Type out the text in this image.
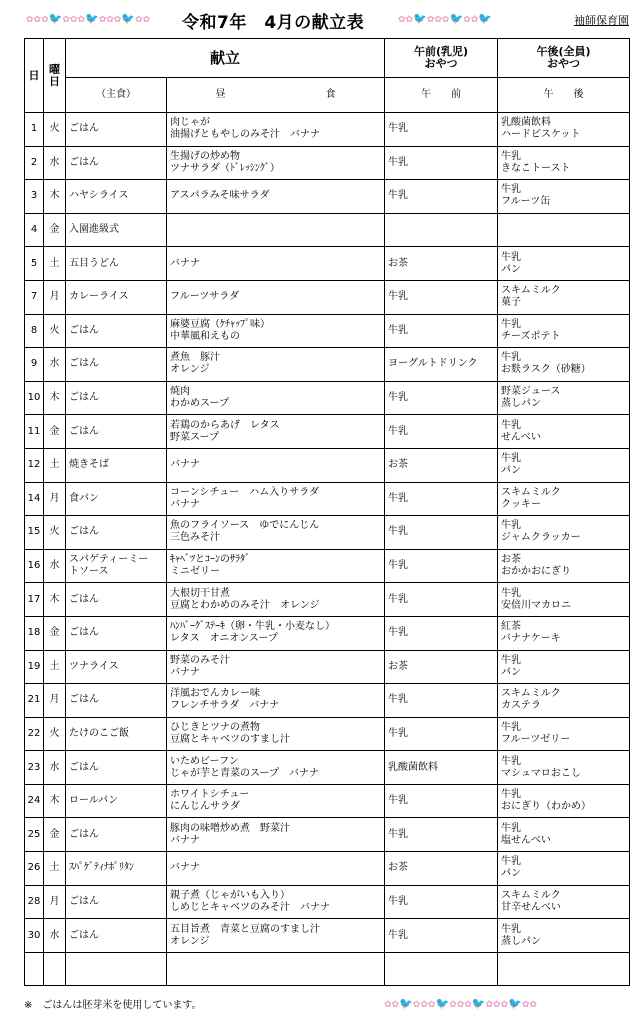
✿✿✿🐦✿✿✿🐦✿✿✿🐦✿✿ 令和7年　4月の献立表	✿✿🐦✿✿✿🐦✿✿🐦	袖師保育園
日	曜日	献立		午前(乳児)
おやつ	午後(全員)
おやつ
		（主食）	昼　　　　　　　　　　食	午　　前	午　　後
1	火	ごはん	肉じゃが
油揚げともやしのみそ汁　バナナ	牛乳	乳酸菌飲料
ハードビスケット
2	水	ごはん	生揚げの炒め物
ツナサラダ（ﾄﾞﾚｯｼﾝｸﾞ）	牛乳	牛乳
きなこトースト
3	木	ハヤシライス	アスパラみそ味サラダ	牛乳	牛乳
フルーツ缶
4	金	入園進級式			
5	土	五目うどん	バナナ	お茶	牛乳
パン
7	月	カレーライス	フルーツサラダ	牛乳	スキムミルク
菓子
8	火	ごはん	麻婆豆腐（ｹﾁｬｯﾌﾟ味）
中華風和えもの	牛乳	牛乳
チーズポテト
9	水	ごはん	煮魚　豚汁
オレンジ	ヨーグルトドリンク	牛乳
お麩ラスク（砂糖）
10	木	ごはん	焼肉
わかめスープ	牛乳	野菜ジュース
蒸しパン
11	金	ごはん	若鶏のからあげ　レタス
野菜スープ	牛乳	牛乳
せんべい
12	土	焼きそば	バナナ	お茶	牛乳
パン
14	月	食パン	コーンシチュー　ハム入りサラダ
バナナ	牛乳	スキムミルク
クッキー
15	火	ごはん	魚のフライソース　ゆでにんじん
三色みそ汁	牛乳	牛乳
ジャムクラッカー
16	水	スパゲティーミー
トソース	ｷｬﾍﾞﾂとｺｰﾝのｻﾗﾀﾞ
ミニゼリー	牛乳	お茶
おかかおにぎり
17	木	ごはん	大根切干甘煮
豆腐とわかめのみそ汁　オレンジ	牛乳	牛乳
安倍川マカロニ
18	金	ごはん	ﾊﾝﾊﾞｰｸﾞｽﾃｰｷ（卵・牛乳・小麦なし）
レタス　オニオンスープ	牛乳	紅茶
バナナケーキ
19	土	ツナライス	野菜のみそ汁
バナナ	お茶	牛乳
パン
21	月	ごはん	洋風おでんカレー味
フレンチサラダ　バナナ	牛乳	スキムミルク
カステラ
22	火	たけのこご飯	ひじきとツナの煮物
豆腐とキャベツのすまし汁	牛乳	牛乳
フルーツゼリー
23	水	ごはん	いためビーフン
じゃが芋と青菜のスープ　バナナ	乳酸菌飲料	牛乳
マシュマロおこし
24	木	ロールパン	ホワイトシチュー
にんじんサラダ	牛乳	牛乳
おにぎり（わかめ）
25	金	ごはん	豚肉の味噌炒め煮　野菜汁
バナナ	牛乳	牛乳
塩せんべい
26	土	ｽﾊﾟｹﾞﾃｨﾅﾎﾟﾘﾀﾝ	バナナ	お茶	牛乳
パン
28	月	ごはん	親子煮（じゃがいも入り）
しめじとキャベツのみそ汁　バナナ	牛乳	スキムミルク
甘辛せんべい
30	水	ごはん	五目旨煮　青菜と豆腐のすまし汁
オレンジ	牛乳	牛乳
蒸しパン

※　ごはんは胚芽米を使用しています。	✿✿🐦✿✿✿🐦✿✿✿🐦✿✿✿🐦✿✿
